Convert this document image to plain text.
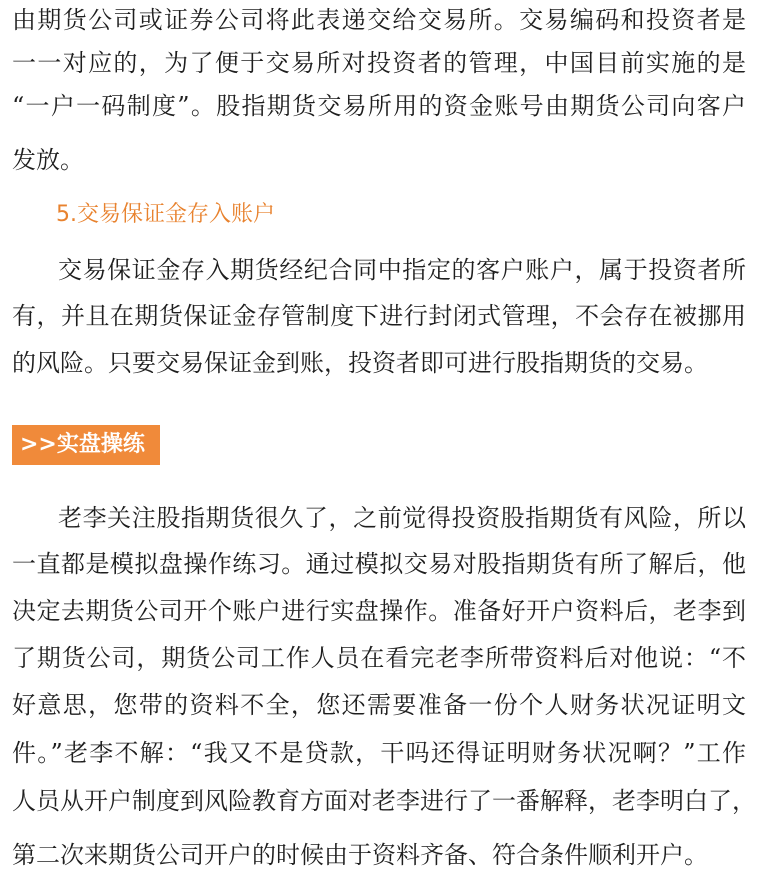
由期货公司或证券公司将此表递交给交易所。交易编码和投资者是
一一对应的，为了便于交易所对投资者的管理，中国目前实施的是
“一户一码制度”。股指期货交易所用的资金账号由期货公司向客户
发放。
5.交易保证金存入账户
交易保证金存入期货经纪合同中指定的客户账户，属于投资者所
有，并且在期货保证金存管制度下进行封闭式管理，不会存在被挪用
的风险。只要交易保证金到账，投资者即可进行股指期货的交易。
>>实盘操练
老李关注股指期货很久了，之前觉得投资股指期货有风险，所以
一直都是模拟盘操作练习。通过模拟交易对股指期货有所了解后，他
决定去期货公司开个账户进行实盘操作。准备好开户资料后，老李到
了期货公司，期货公司工作人员在看完老李所带资料后对他说：“不
好意思，您带的资料不全，您还需要准备一份个人财务状况证明文
件。”老李不解：“我又不是贷款，干吗还得证明财务状况啊？”工作
人员从开户制度到风险教育方面对老李进行了一番解释，老李明白了，
第二次来期货公司开户的时候由于资料齐备、符合条件顺利开户。
